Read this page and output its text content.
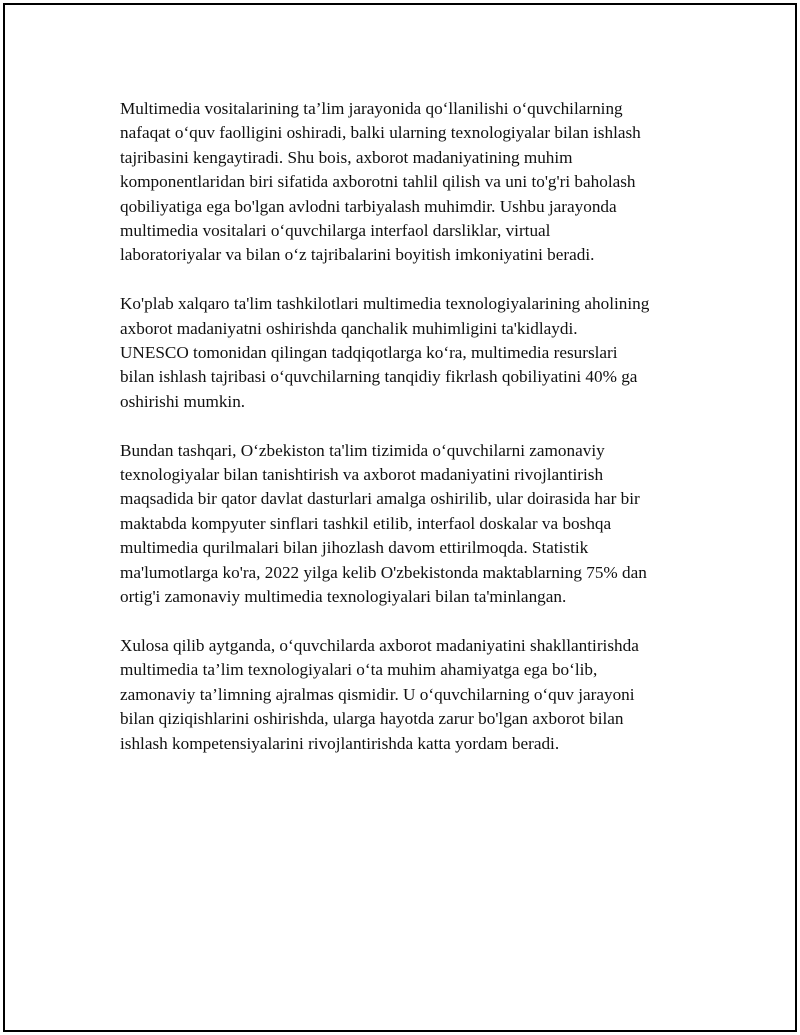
Multimedia vositalarining ta’lim jarayonida qo‘llanilishi o‘quvchilarning
nafaqat o‘quv faolligini oshiradi, balki ularning texnologiyalar bilan ishlash
tajribasini kengaytiradi. Shu bois, axborot madaniyatining muhim
komponentlaridan biri sifatida axborotni tahlil qilish va uni to'g'ri baholash
qobiliyatiga ega bo'lgan avlodni tarbiyalash muhimdir. Ushbu jarayonda
multimedia vositalari o‘quvchilarga interfaol darsliklar, virtual
laboratoriyalar va bilan o‘z tajribalarini boyitish imkoniyatini beradi.

Ko'plab xalqaro ta'lim tashkilotlari multimedia texnologiyalarining aholining
axborot madaniyatni oshirishda qanchalik muhimligini ta'kidlaydi.
UNESCO tomonidan qilingan tadqiqotlarga ko‘ra, multimedia resurslari
bilan ishlash tajribasi o‘quvchilarning tanqidiy fikrlash qobiliyatini 40% ga
oshirishi mumkin.

Bundan tashqari, O‘zbekiston ta'lim tizimida o‘quvchilarni zamonaviy
texnologiyalar bilan tanishtirish va axborot madaniyatini rivojlantirish
maqsadida bir qator davlat dasturlari amalga oshirilib, ular doirasida har bir
maktabda kompyuter sinflari tashkil etilib, interfaol doskalar va boshqa
multimedia qurilmalari bilan jihozlash davom ettirilmoqda. Statistik
ma'lumotlarga ko'ra, 2022 yilga kelib O'zbekistonda maktablarning 75% dan
ortig'i zamonaviy multimedia texnologiyalari bilan ta'minlangan.

Xulosa qilib aytganda, o‘quvchilarda axborot madaniyatini shakllantirishda
multimedia ta’lim texnologiyalari o‘ta muhim ahamiyatga ega bo‘lib,
zamonaviy ta’limning ajralmas qismidir. U o‘quvchilarning o‘quv jarayoni
bilan qiziqishlarini oshirishda, ularga hayotda zarur bo'lgan axborot bilan
ishlash kompetensiyalarini rivojlantirishda katta yordam beradi.
